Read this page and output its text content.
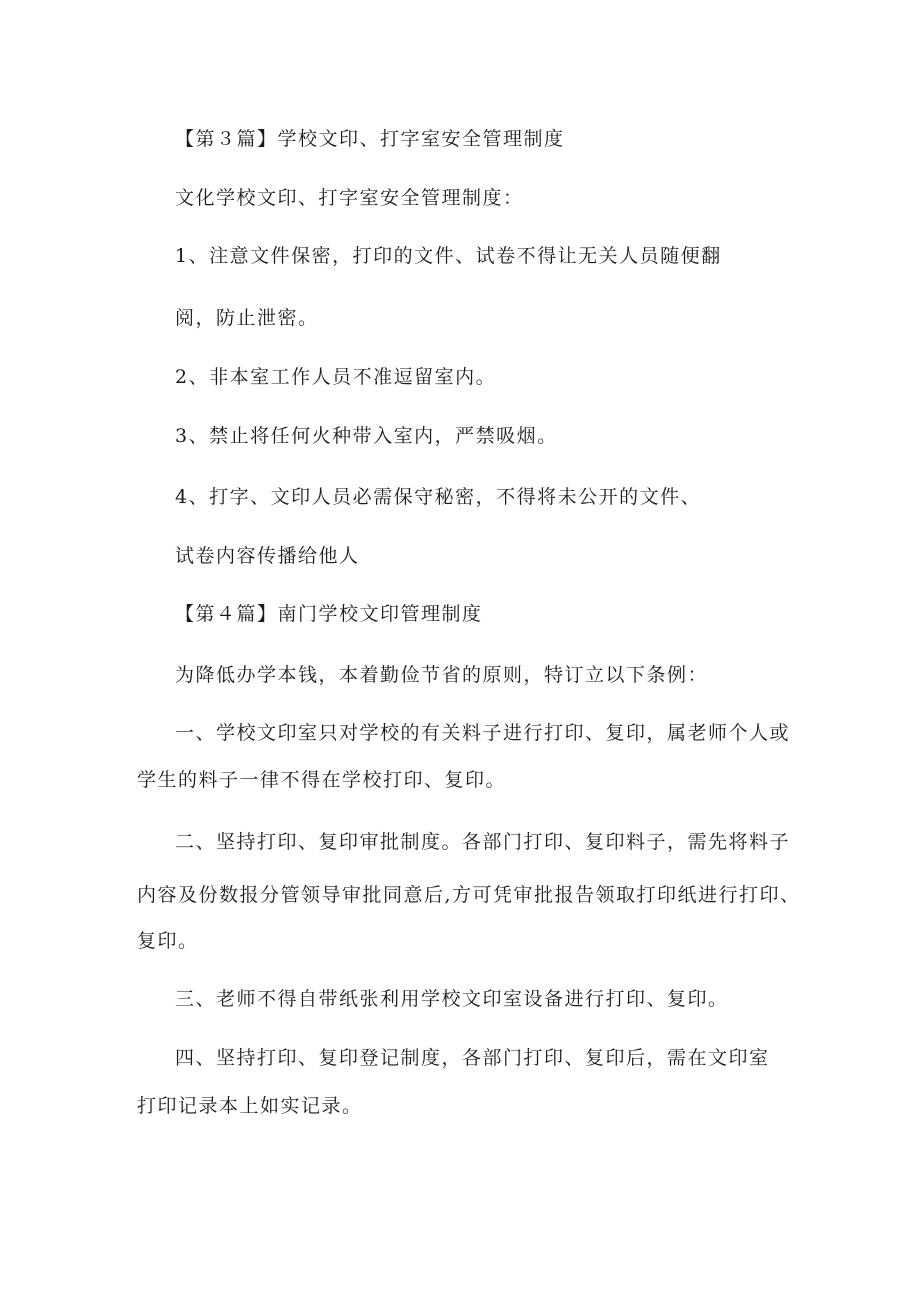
【第３篇】学校文印、打字室安全管理制度
文化学校文印、打字室安全管理制度：
1、注意文件保密，打印的文件、试卷不得让无关人员随便翻
阅，防止泄密。
2、非本室工作人员不准逗留室内。
3、禁止将任何火种带入室内，严禁吸烟。
4、打字、文印人员必需保守秘密，不得将未公开的文件、
试卷内容传播给他人
【第４篇】南门学校文印管理制度
为降低办学本钱，本着勤俭节省的原则，特订立以下条例：
一、学校文印室只对学校的有关料子进行打印、复印，属老师个人或
学生的料子一律不得在学校打印、复印。
二、坚持打印、复印审批制度。各部门打印、复印料子，需先将料子
内容及份数报分管领导审批同意后,方可凭审批报告领取打印纸进行打印、
复印。
三、老师不得自带纸张利用学校文印室设备进行打印、复印。
四、坚持打印、复印登记制度，各部门打印、复印后，需在文印室
打印记录本上如实记录。
